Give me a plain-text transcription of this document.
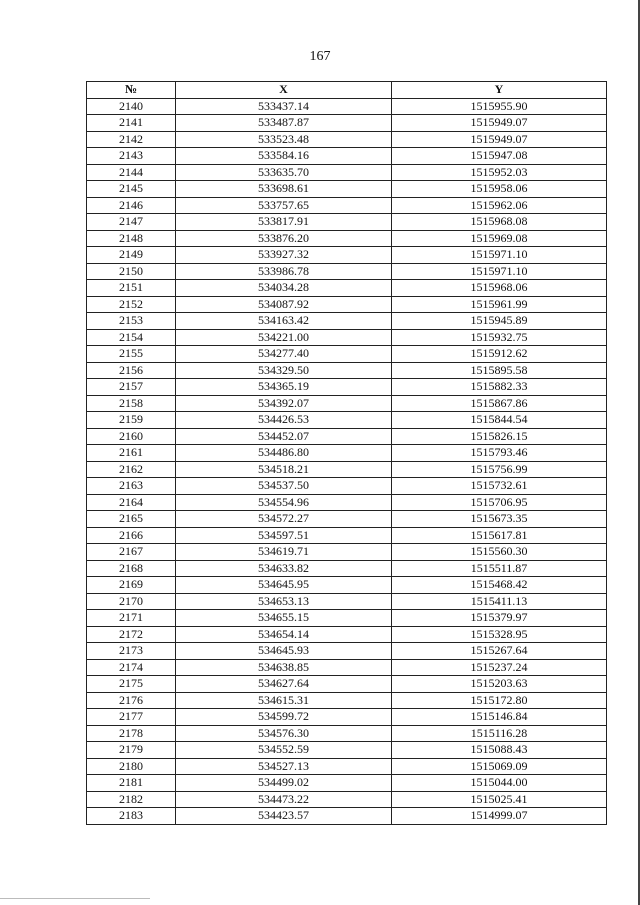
167
№	X	Y
2140	533437.14	1515955.90
2141	533487.87	1515949.07
2142	533523.48	1515949.07
2143	533584.16	1515947.08
2144	533635.70	1515952.03
2145	533698.61	1515958.06
2146	533757.65	1515962.06
2147	533817.91	1515968.08
2148	533876.20	1515969.08
2149	533927.32	1515971.10
2150	533986.78	1515971.10
2151	534034.28	1515968.06
2152	534087.92	1515961.99
2153	534163.42	1515945.89
2154	534221.00	1515932.75
2155	534277.40	1515912.62
2156	534329.50	1515895.58
2157	534365.19	1515882.33
2158	534392.07	1515867.86
2159	534426.53	1515844.54
2160	534452.07	1515826.15
2161	534486.80	1515793.46
2162	534518.21	1515756.99
2163	534537.50	1515732.61
2164	534554.96	1515706.95
2165	534572.27	1515673.35
2166	534597.51	1515617.81
2167	534619.71	1515560.30
2168	534633.82	1515511.87
2169	534645.95	1515468.42
2170	534653.13	1515411.13
2171	534655.15	1515379.97
2172	534654.14	1515328.95
2173	534645.93	1515267.64
2174	534638.85	1515237.24
2175	534627.64	1515203.63
2176	534615.31	1515172.80
2177	534599.72	1515146.84
2178	534576.30	1515116.28
2179	534552.59	1515088.43
2180	534527.13	1515069.09
2181	534499.02	1515044.00
2182	534473.22	1515025.41
2183	534423.57	1514999.07
